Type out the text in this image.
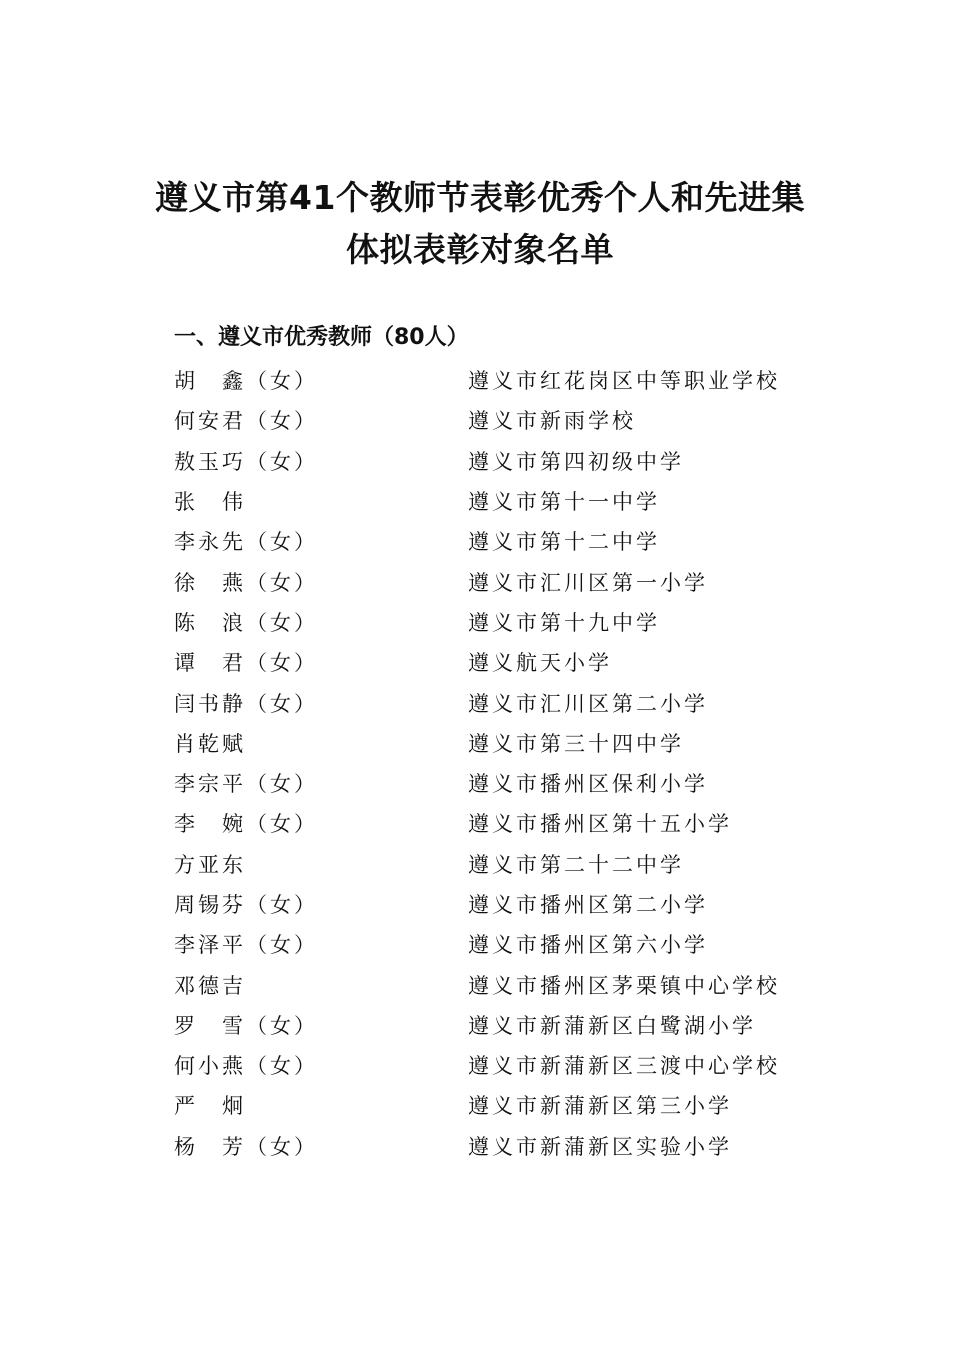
遵义市第41个教师节表彰优秀个人和先进集
体拟表彰对象名单
一、遵义市优秀教师（80人）
胡　鑫（女）	遵义市红花岗区中等职业学校
何安君（女）	遵义市新雨学校
敖玉巧（女）	遵义市第四初级中学
张　伟	遵义市第十一中学
李永先（女）	遵义市第十二中学
徐　燕（女）	遵义市汇川区第一小学
陈　浪（女）	遵义市第十九中学
谭　君（女）	遵义航天小学
闫书静（女）	遵义市汇川区第二小学
肖乾赋	遵义市第三十四中学
李宗平（女）	遵义市播州区保利小学
李　婉（女）	遵义市播州区第十五小学
方亚东	遵义市第二十二中学
周锡芬（女）	遵义市播州区第二小学
李泽平（女）	遵义市播州区第六小学
邓德吉	遵义市播州区茅栗镇中心学校
罗　雪（女）	遵义市新蒲新区白鹭湖小学
何小燕（女）	遵义市新蒲新区三渡中心学校
严　炯	遵义市新蒲新区第三小学
杨　芳（女）	遵义市新蒲新区实验小学
